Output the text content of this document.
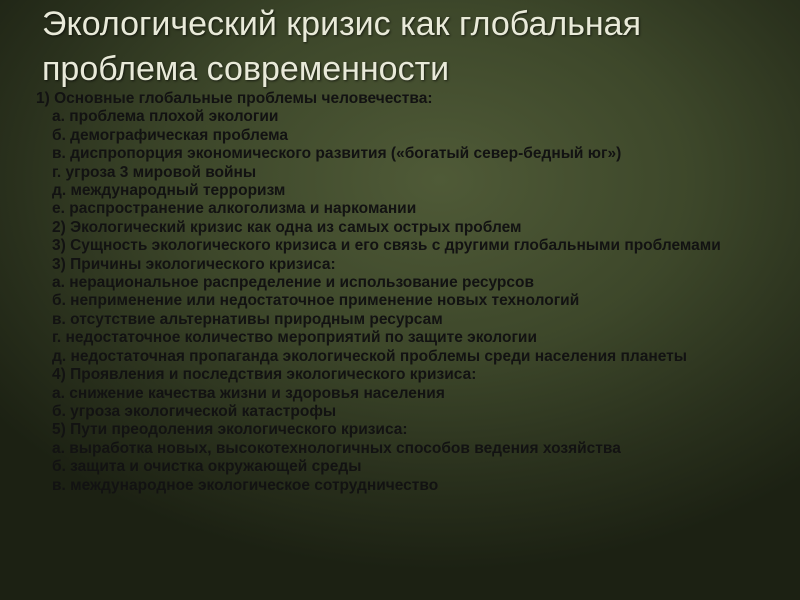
Экологический кризис как глобальная проблема современности
1) Основные глобальные проблемы человечества:
а. проблема плохой экологии
б. демографическая проблема
в. диспропорция экономического развития («богатый север-бедный юг»)
г. угроза 3 мировой войны
д. международный терроризм
е. распространение алкоголизма и наркомании
2) Экологический кризис как одна из самых острых проблем
3) Сущность экологического кризиса и его связь с другими глобальными проблемами
3) Причины экологического кризиса:
а. нерациональное распределение и использование ресурсов
б. неприменение или недостаточное применение новых технологий
в. отсутствие альтернативы природным ресурсам
г. недостаточное количество мероприятий по защите экологии
д. недостаточная пропаганда экологической проблемы среди населения планеты
4) Проявления и последствия экологического кризиса:
а. снижение качества жизни и здоровья населения
б. угроза экологической катастрофы
5) Пути преодоления экологического кризиса:
а. выработка новых, высокотехнологичных способов ведения хозяйства
б. защита и очистка окружающей среды
в. международное экологическое сотрудничество
